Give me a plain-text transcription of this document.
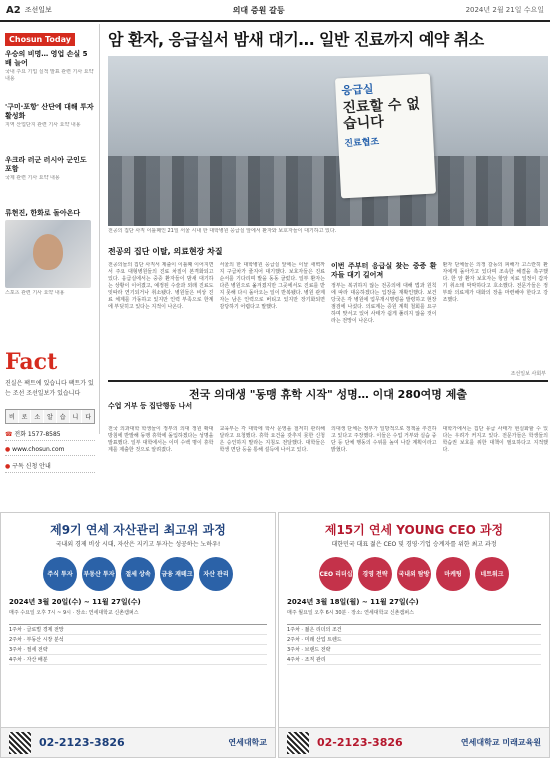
A2 조선일보	의대 증원 갈등	2024년 2월 21일 수요일
Chosun Today
우승의 비명… 영업 손실 5배 늘어
국내 주요 기업 실적 발표 관련 기사 요약 내용
'구미·포항' 산단에 대해 투자 활성화
지역 산업단지 관련 기사 요약 내용
우크라 러군 러시아 군인도 포함
국제 관련 기사 요약 내용
류현진, 한화로 돌아온다
스포츠 관련 기사 요약 내용
Fact
진실은 팩트에 있습니다 팩트가 있는 조선 조선일보가 있습니다
비	로	소	알	습	니	다
☎ 전화 1577-8585
● www.chosun.com
● 구독 신청 안내
암 환자, 응급실서 밤새 대기… 일반 진료까지 예약 취소
응급실
진료할 수 없습니다
진료협조
전공의 집단 사직 이틀째인 21일 서울 시내 한 대학병원 응급실 앞에서 환자와 보호자들이 대기하고 있다.
전공의 집단 이탈, 의료현장 차질
전공의들의 집단 사직서 제출이 이틀째 이어지면서 주요 대형병원들의 진료 차질이 본격화되고 있다. 응급실에서는 중증 환자들이 밤새 대기하는 상황이 이어졌고, 예정된 수술과 외래 진료도 잇따라 연기되거나 취소됐다. 병원들은 비상 진료 체계를 가동하고 있지만 인력 부족으로 한계에 부딪히고 있다는 지적이 나온다.
서울의 한 대학병원 응급실 앞에는 이날 새벽까지 구급차가 줄지어 대기했다. 보호자들은 진료 순서를 기다리며 발을 동동 굴렀다. 일부 환자는 다른 병원으로 옮겨졌지만 그곳에서도 진료를 받지 못해 다시 돌아오는 일이 반복됐다. 병원 관계자는 남은 인력으로 버티고 있지만 장기화되면 감당하기 어렵다고 말했다.
이번 주부터 응급실 찾는 중증 환자들 대기 길어져
정부는 복귀하지 않는 전공의에 대해 법과 원칙에 따라 대응하겠다는 입장을 재확인했다. 보건 당국은 각 병원에 업무개시명령을 발령하고 현장 점검에 나섰다. 의료계는 증원 계획 철회를 요구하며 맞서고 있어 사태가 쉽게 풀리지 않을 것이라는 전망이 나온다.
환자 단체들은 의정 갈등의 피해가 고스란히 환자에게 돌아가고 있다며 조속한 해결을 촉구했다. 한 암 환자 보호자는 항암 치료 일정이 갑자기 취소돼 막막하다고 호소했다. 전문가들은 정부와 의료계가 대화의 장을 마련해야 한다고 강조했다.
조선일보 사회부
전국 의대생 "동맹 휴학 시작" 성명… 이대 280여명 제출
수업 거부 등 집단행동 나서
전국 의과대학 학생들이 정부의 의대 정원 확대 방침에 반발해 동맹 휴학에 돌입하겠다는 성명을 발표했다. 일부 대학에서는 이미 수백 명이 휴학계를 제출한 것으로 알려졌다.
교육부는 각 대학에 학사 운영을 철저히 관리해 달라고 요청했다. 휴학 요건을 갖추지 못한 신청은 승인하지 말라는 지침도 전달했다. 대학들은 학생 면담 등을 통해 설득에 나서고 있다.
의대생 단체는 정부가 일방적으로 정책을 추진하고 있다고 주장했다. 이들은 수업 거부와 실습 중단 등 단체 행동의 수위를 높여 나갈 계획이라고 밝혔다.
대학가에서는 집단 유급 사태가 현실화할 수 있다는 우려가 커지고 있다. 전문가들은 학생들의 학습권 보호를 위한 대책이 필요하다고 지적했다.
제9기 연세 자산관리 최고위 과정
국내외 경제 비상 시대, 자산은 지키고 투자는 성공하는 노하우!
주식 투자	부동산 투자	절세 상속	금융 재테크	자산 관리
2024년 3월 20일(수) ~ 11월 27일(수)
매주 수요일 오후 7시 ~ 9시 · 장소: 연세대학교 신촌캠퍼스
1주차 · 글로벌 경제 전망
2주차 · 부동산 시장 분석
3주차 · 절세 전략
4주차 · 자산 배분
02-2123-3826	연세대학교
제15기 연세 YOUNG CEO 과정
대한민국 대표 젊은 CEO 및 경영·기업 승계자를 위한 최고 과정
CEO 리더십	경영 전략	국내외 탐방	마케팅	네트워크
2024년 3월 18일(월) ~ 11월 27일(수)
매주 월요일 오후 6시 30분 · 장소: 연세대학교 신촌캠퍼스
1주차 · 젊은 리더의 조건
2주차 · 미래 산업 트렌드
3주차 · 브랜드 전략
4주차 · 조직 관리
02-2123-3826	연세대학교 미래교육원
